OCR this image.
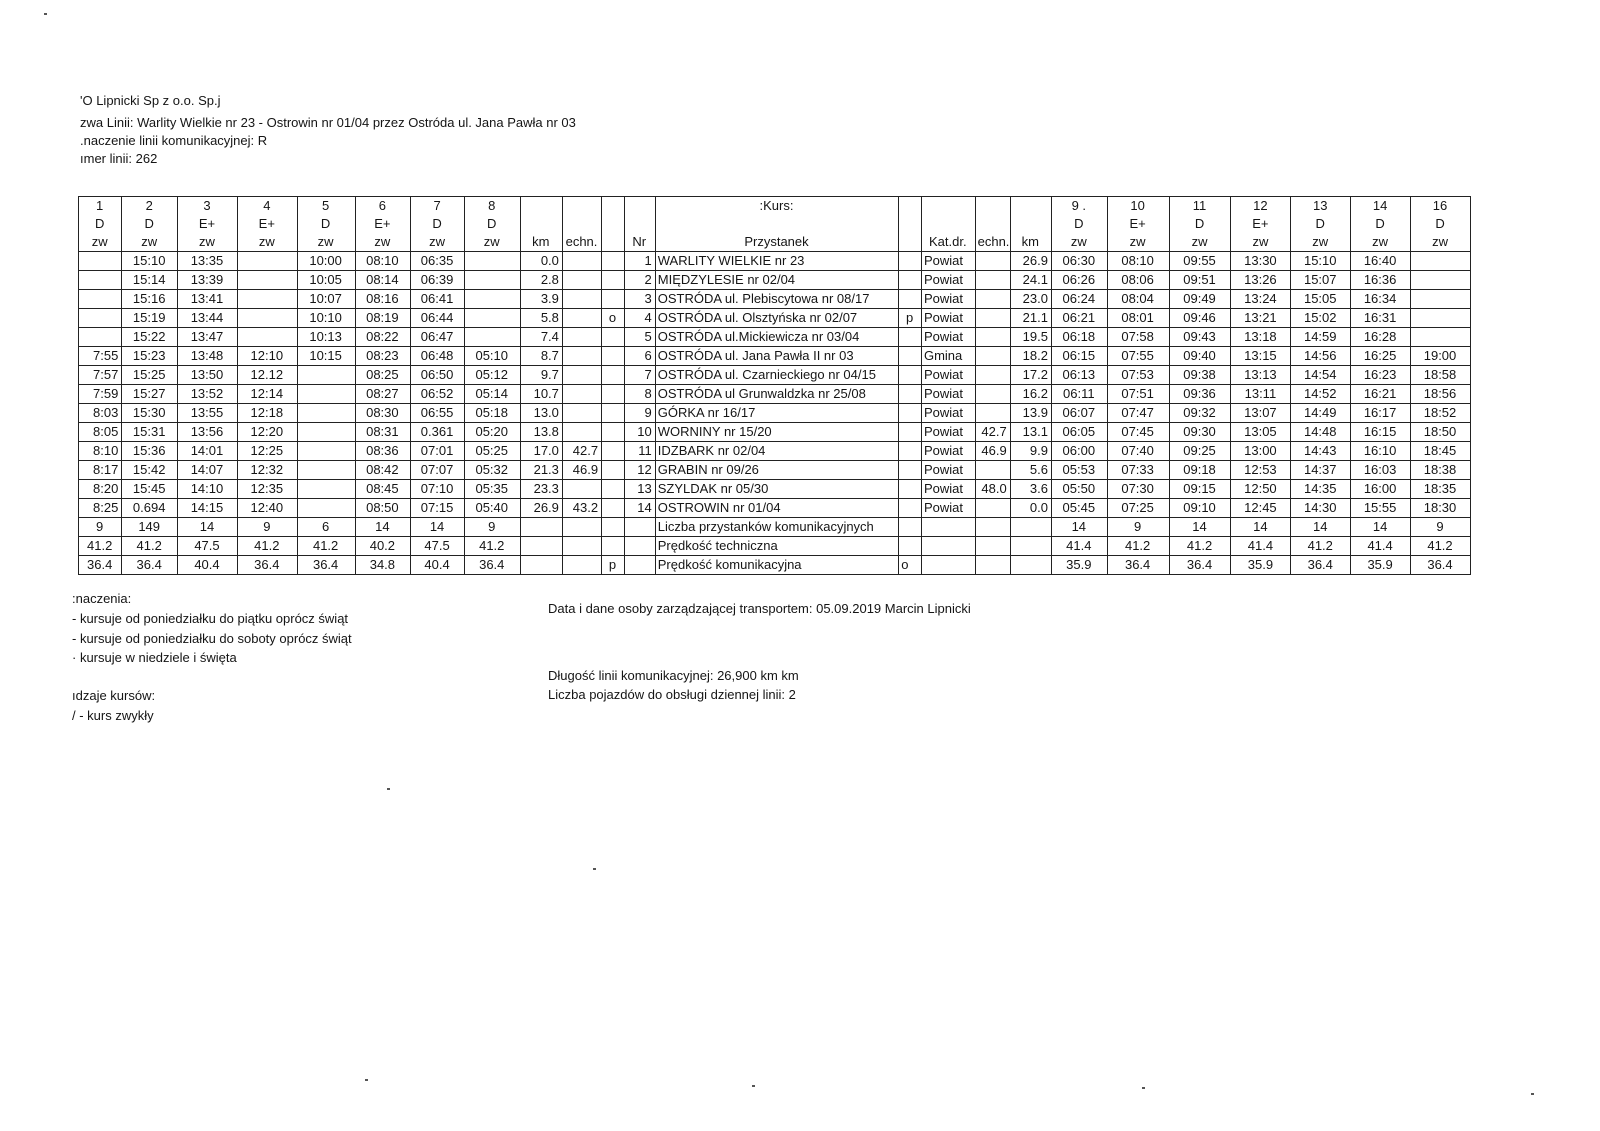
'O Lipnicki Sp z o.o. Sp.j
zwa Linii: Warlity Wielkie nr 23 - Ostrowin nr 01/04 przez Ostróda ul. Jana Pawła nr 03
.naczenie linii komunikacyjnej: R
ımer linii: 262
1	2	3	4	5	6	7	8					:Kurs:					9 .	10	11	12	13	14	16
D	D	E+	E+	D	E+	D	D										D	E+	D	E+	D	D	D
zw	zw	zw	zw	zw	zw	zw	zw	km	echn.		Nr	Przystanek		Kat.dr.	echn.	km	zw	zw	zw	zw	zw	zw	zw
	15:10	13:35		10:00	08:10	06:35		0.0			1	WARLITY WIELKIE nr 23		Powiat		26.9	06:30	08:10	09:55	13:30	15:10	16:40	
	15:14	13:39		10:05	08:14	06:39		2.8			2	MIĘDZYLESIE nr 02/04		Powiat		24.1	06:26	08:06	09:51	13:26	15:07	16:36	
	15:16	13:41		10:07	08:16	06:41		3.9			3	OSTRÓDA ul. Plebiscytowa nr 08/17		Powiat		23.0	06:24	08:04	09:49	13:24	15:05	16:34	
	15:19	13:44		10:10	08:19	06:44		5.8		o	4	OSTRÓDA ul. Olsztyńska nr 02/07	p	Powiat		21.1	06:21	08:01	09:46	13:21	15:02	16:31	
	15:22	13:47		10:13	08:22	06:47		7.4			5	OSTRÓDA ul.Mickiewicza nr 03/04		Powiat		19.5	06:18	07:58	09:43	13:18	14:59	16:28	
7:55	15:23	13:48	12:10	10:15	08:23	06:48	05:10	8.7			6	OSTRÓDA ul. Jana Pawła II nr 03		Gmina		18.2	06:15	07:55	09:40	13:15	14:56	16:25	19:00
7:57	15:25	13:50	12.12		08:25	06:50	05:12	9.7			7	OSTRÓDA ul. Czarnieckiego nr 04/15		Powiat		17.2	06:13	07:53	09:38	13:13	14:54	16:23	18:58
7:59	15:27	13:52	12:14		08:27	06:52	05:14	10.7			8	OSTRÓDA ul Grunwaldzka nr 25/08		Powiat		16.2	06:11	07:51	09:36	13:11	14:52	16:21	18:56
8:03	15:30	13:55	12:18		08:30	06:55	05:18	13.0			9	GÓRKA nr 16/17		Powiat		13.9	06:07	07:47	09:32	13:07	14:49	16:17	18:52
8:05	15:31	13:56	12:20		08:31	0.361	05:20	13.8			10	WORNINY nr 15/20		Powiat	42.7	13.1	06:05	07:45	09:30	13:05	14:48	16:15	18:50
8:10	15:36	14:01	12:25		08:36	07:01	05:25	17.0	42.7		11	IDZBARK nr 02/04		Powiat	46.9	9.9	06:00	07:40	09:25	13:00	14:43	16:10	18:45
8:17	15:42	14:07	12:32		08:42	07:07	05:32	21.3	46.9		12	GRABIN nr 09/26		Powiat		5.6	05:53	07:33	09:18	12:53	14:37	16:03	18:38
8:20	15:45	14:10	12:35		08:45	07:10	05:35	23.3			13	SZYLDAK nr 05/30		Powiat	48.0	3.6	05:50	07:30	09:15	12:50	14:35	16:00	18:35
8:25	0.694	14:15	12:40		08:50	07:15	05:40	26.9	43.2		14	OSTROWIN nr 01/04		Powiat		0.0	05:45	07:25	09:10	12:45	14:30	15:55	18:30
9	149	14	9	6	14	14	9					Liczba przystanków komunikacyjnych					14	9	14	14	14	14	9
41.2	41.2	47.5	41.2	41.2	40.2	47.5	41.2					Prędkość techniczna					41.4	41.2	41.2	41.4	41.2	41.4	41.2
36.4	36.4	40.4	36.4	36.4	34.8	40.4	36.4			p		Prędkość komunikacyjna	o				35.9	36.4	36.4	35.9	36.4	35.9	36.4
:naczenia:
- kursuje od poniedziałku do piątku oprócz świąt
- kursuje od poniedziałku do soboty oprócz świąt
· kursuje w niedziele i święta
ıdzaje kursów:
/ - kurs zwykły
Data i dane osoby zarządzającej transportem: 05.09.2019 Marcin Lipnicki
Długość linii komunikacyjnej: 26,900 km km
Liczba pojazdów do obsługi dziennej linii: 2
